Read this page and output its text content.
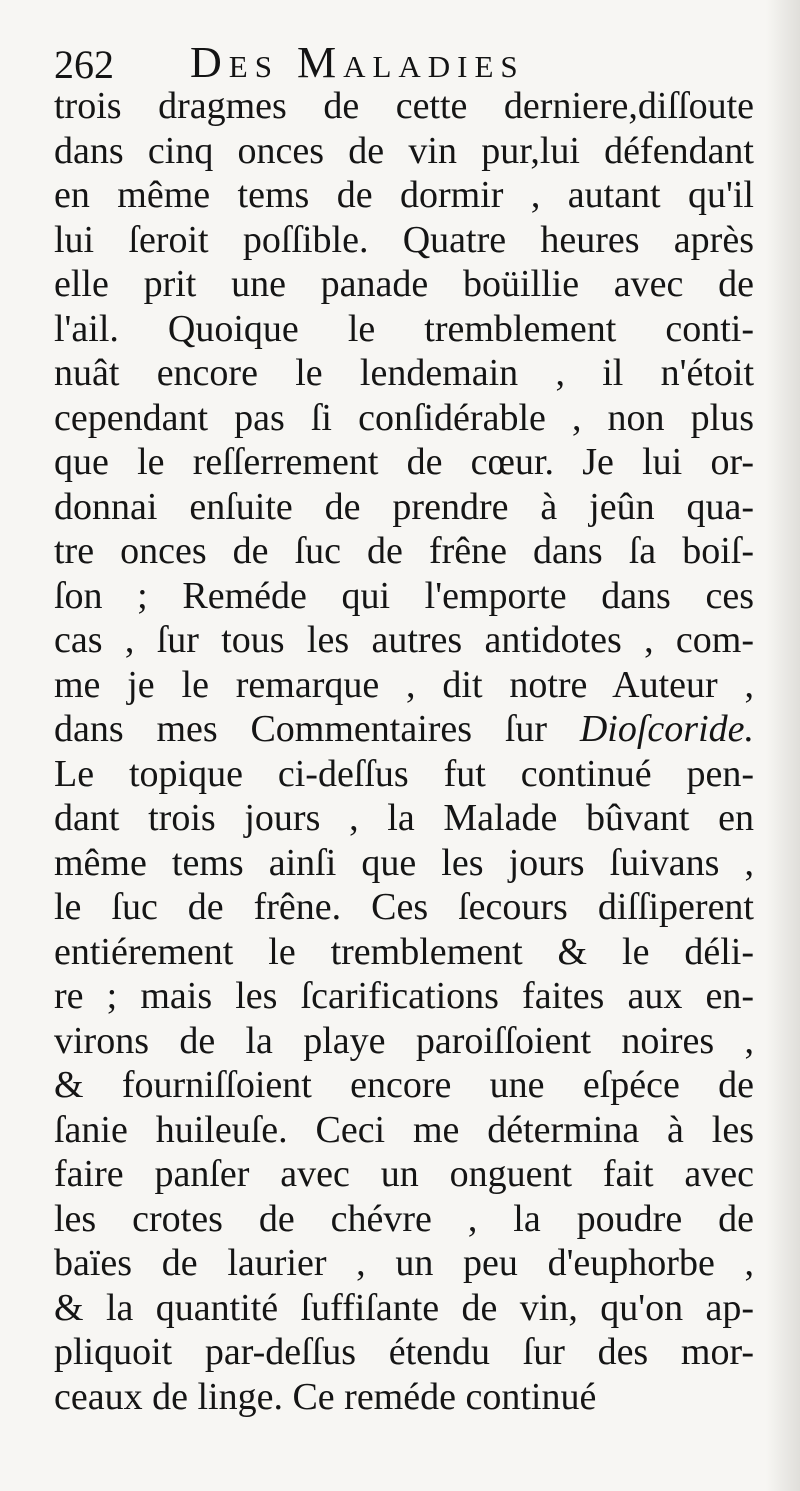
262 Des Maladies
trois dragmes de cette derniere,diſſoute
dans cinq onces de vin pur,lui défendant
en même tems de dormir , autant qu'il
lui ſeroit poſſible. Quatre heures après
elle prit une panade boüillie avec de
l'ail. Quoique le tremblement conti-
nuât encore le lendemain , il n'étoit
cependant pas ſi conſidérable , non plus
que le reſſerrement de cœur. Je lui or-
donnai enſuite de prendre à jeûn qua-
tre onces de ſuc de frêne dans ſa boiſ-
ſon ; Reméde qui l'emporte dans ces
cas , ſur tous les autres antidotes , com-
me je le remarque , dit notre Auteur ,
dans mes Commentaires ſur Dioſcoride.
Le topique ci-deſſus fut continué pen-
dant trois jours , la Malade bûvant en
même tems ainſi que les jours ſuivans ,
le ſuc de frêne. Ces ſecours diſſiperent
entiérement le tremblement & le déli-
re ; mais les ſcarifications faites aux en-
virons de la playe paroiſſoient noires ,
& fourniſſoient encore une eſpéce de
ſanie huileuſe. Ceci me détermina à les
faire panſer avec un onguent fait avec
les crotes de chévre , la poudre de
baïes de laurier , un peu d'euphorbe ,
& la quantité ſuffiſante de vin, qu'on ap-
pliquoit par-deſſus étendu ſur des mor-
ceaux de linge. Ce reméde continué
